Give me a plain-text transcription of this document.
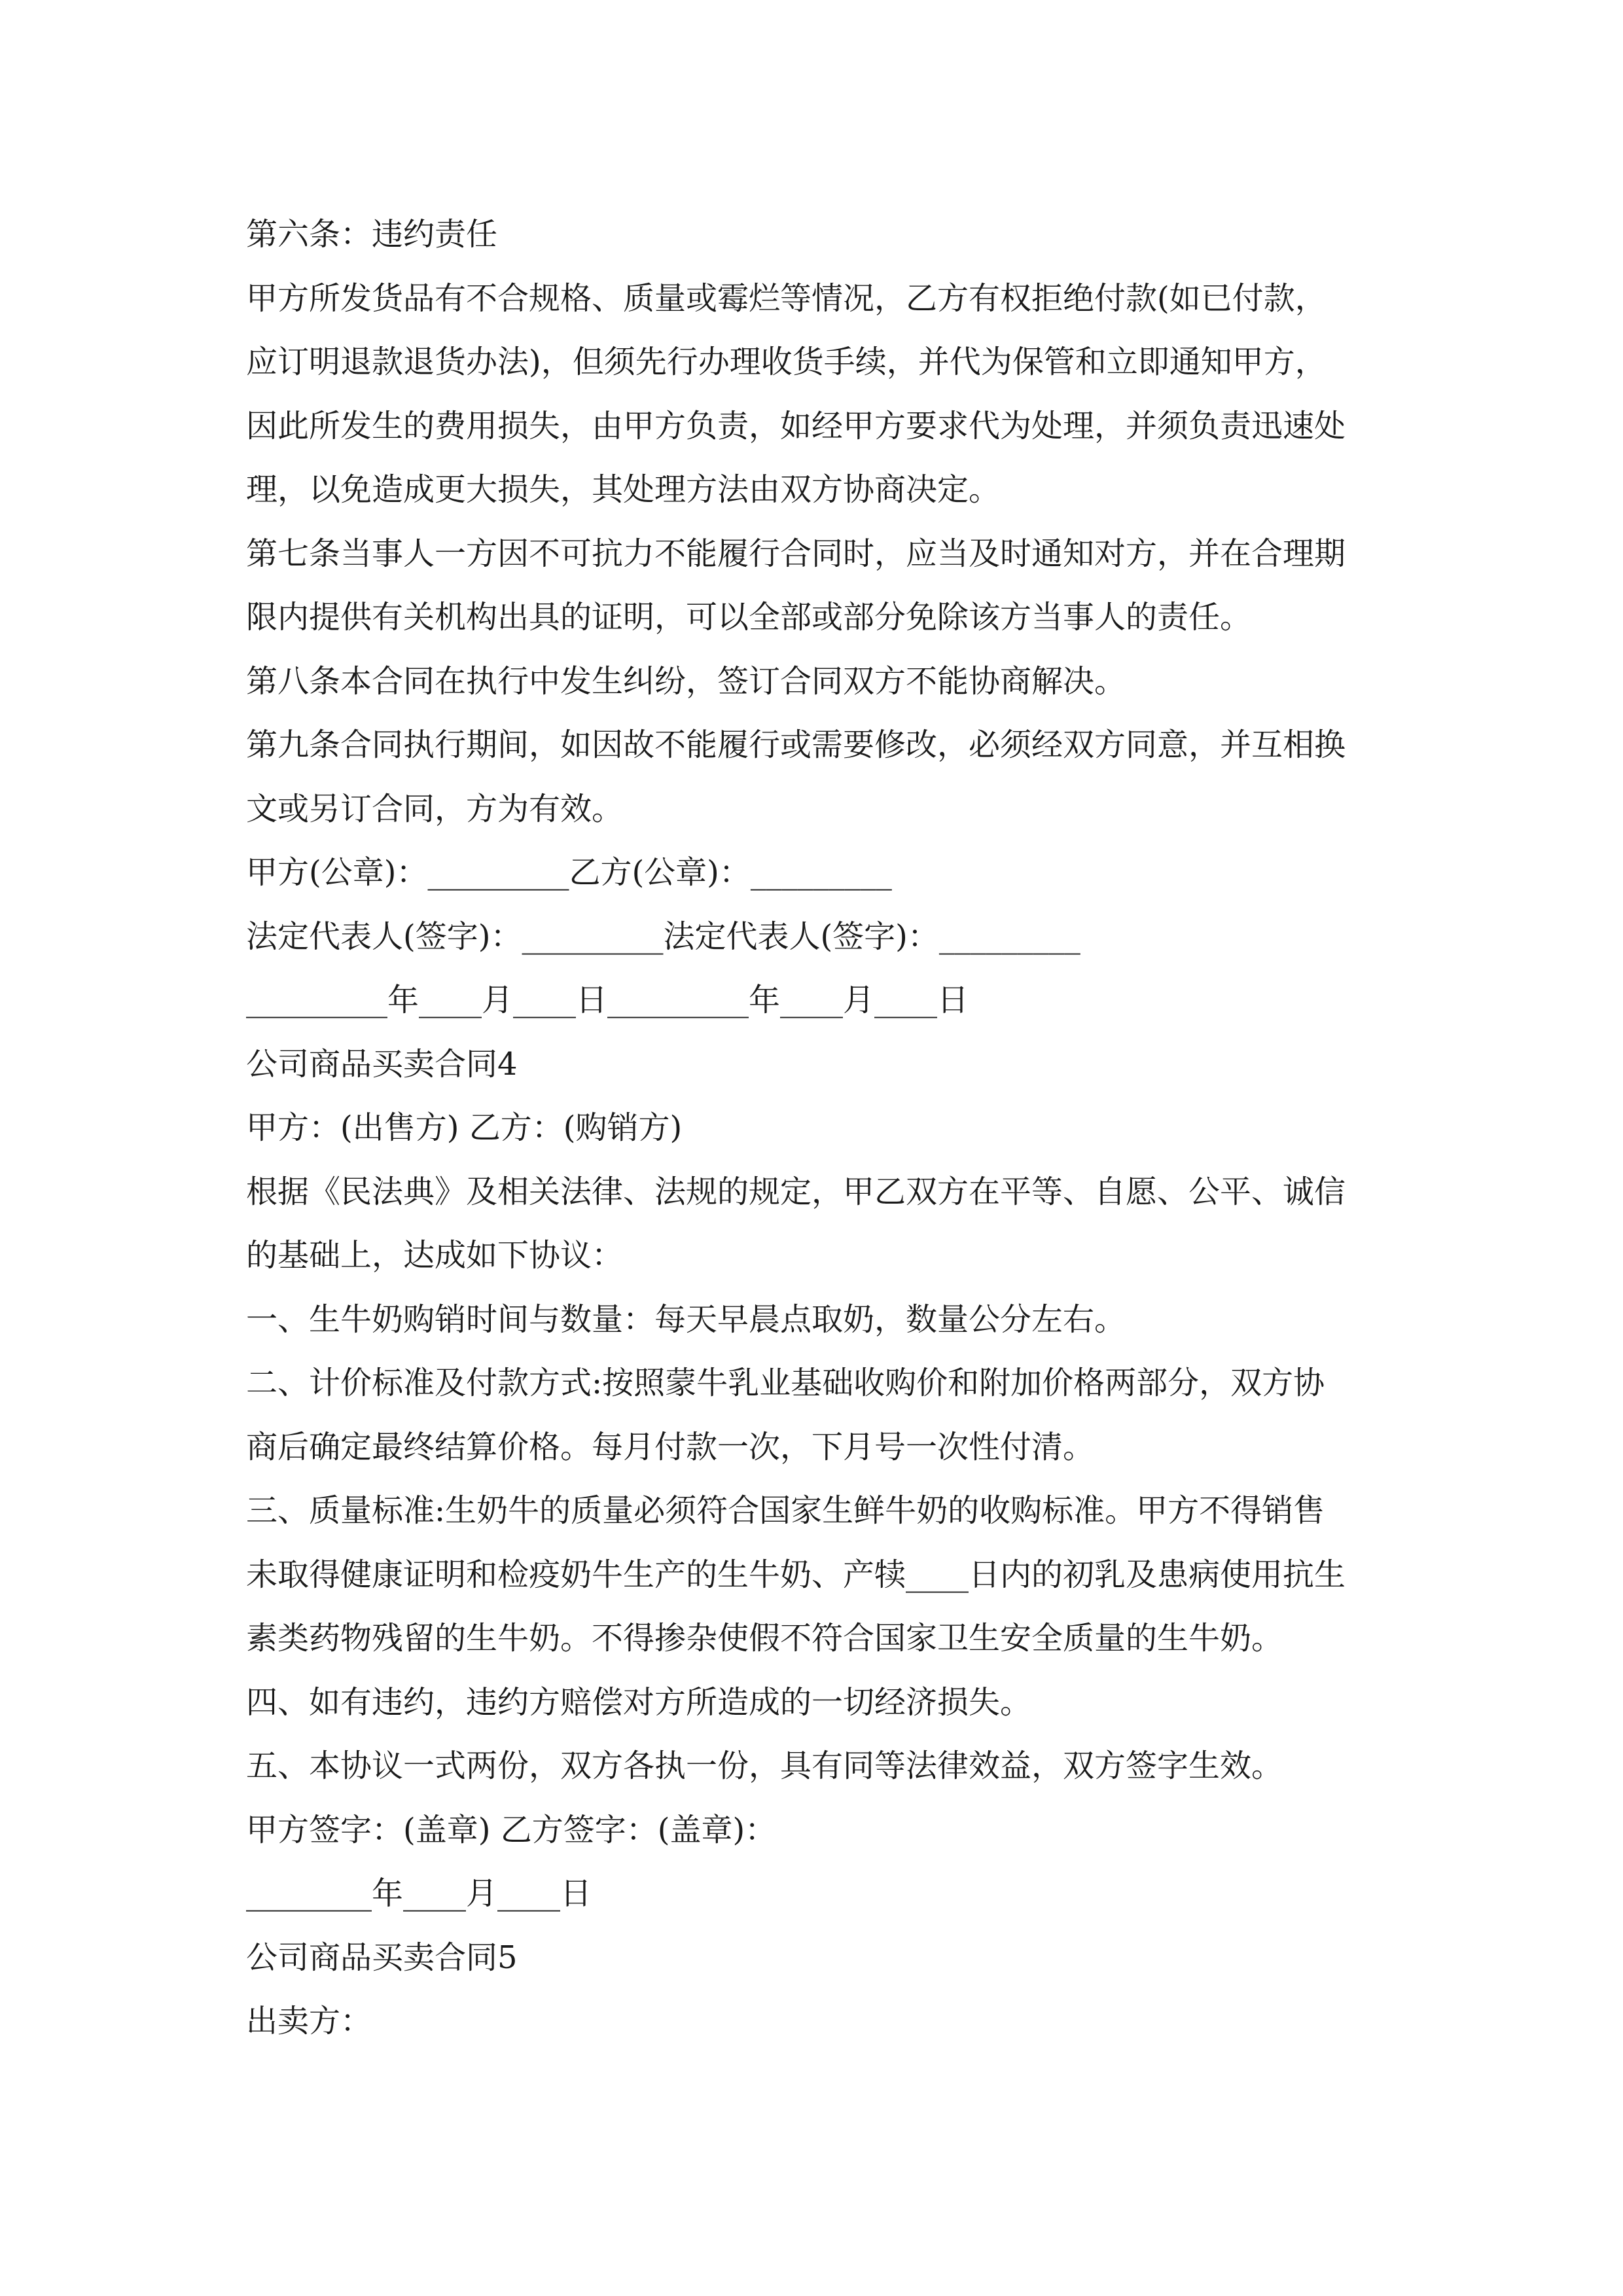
第六条：违约责任
甲方所发货品有不合规格、质量或霉烂等情况，乙方有权拒绝付款(如已付款，
应订明退款退货办法)，但须先行办理收货手续，并代为保管和立即通知甲方，
因此所发生的费用损失，由甲方负责，如经甲方要求代为处理，并须负责迅速处
理，以免造成更大损失，其处理方法由双方协商决定。
第七条当事人一方因不可抗力不能履行合同时，应当及时通知对方，并在合理期
限内提供有关机构出具的证明，可以全部或部分免除该方当事人的责任。
第八条本合同在执行中发生纠纷，签订合同双方不能协商解决。
第九条合同执行期间，如因故不能履行或需要修改，必须经双方同意，并互相换
文或另订合同，方为有效。
甲方(公章)：_________乙方(公章)：_________
法定代表人(签字)：_________法定代表人(签字)：_________
_________年____月____日_________年____月____日
公司商品买卖合同4
甲方：(出售方) 乙方：(购销方)
根据《民法典》及相关法律、法规的规定，甲乙双方在平等、自愿、公平、诚信
的基础上，达成如下协议：
一、生牛奶购销时间与数量：每天早晨点取奶，数量公分左右。
二、计价标准及付款方式:按照蒙牛乳业基础收购价和附加价格两部分，双方协
商后确定最终结算价格。每月付款一次，下月号一次性付清。
三、质量标准:生奶牛的质量必须符合国家生鲜牛奶的收购标准。甲方不得销售
未取得健康证明和检疫奶牛生产的生牛奶、产犊____日内的初乳及患病使用抗生
素类药物残留的生牛奶。不得掺杂使假不符合国家卫生安全质量的生牛奶。
四、如有违约，违约方赔偿对方所造成的一切经济损失。
五、本协议一式两份，双方各执一份，具有同等法律效益，双方签字生效。
甲方签字：(盖章) 乙方签字：(盖章)：
________年____月____日
公司商品买卖合同5
出卖方：
